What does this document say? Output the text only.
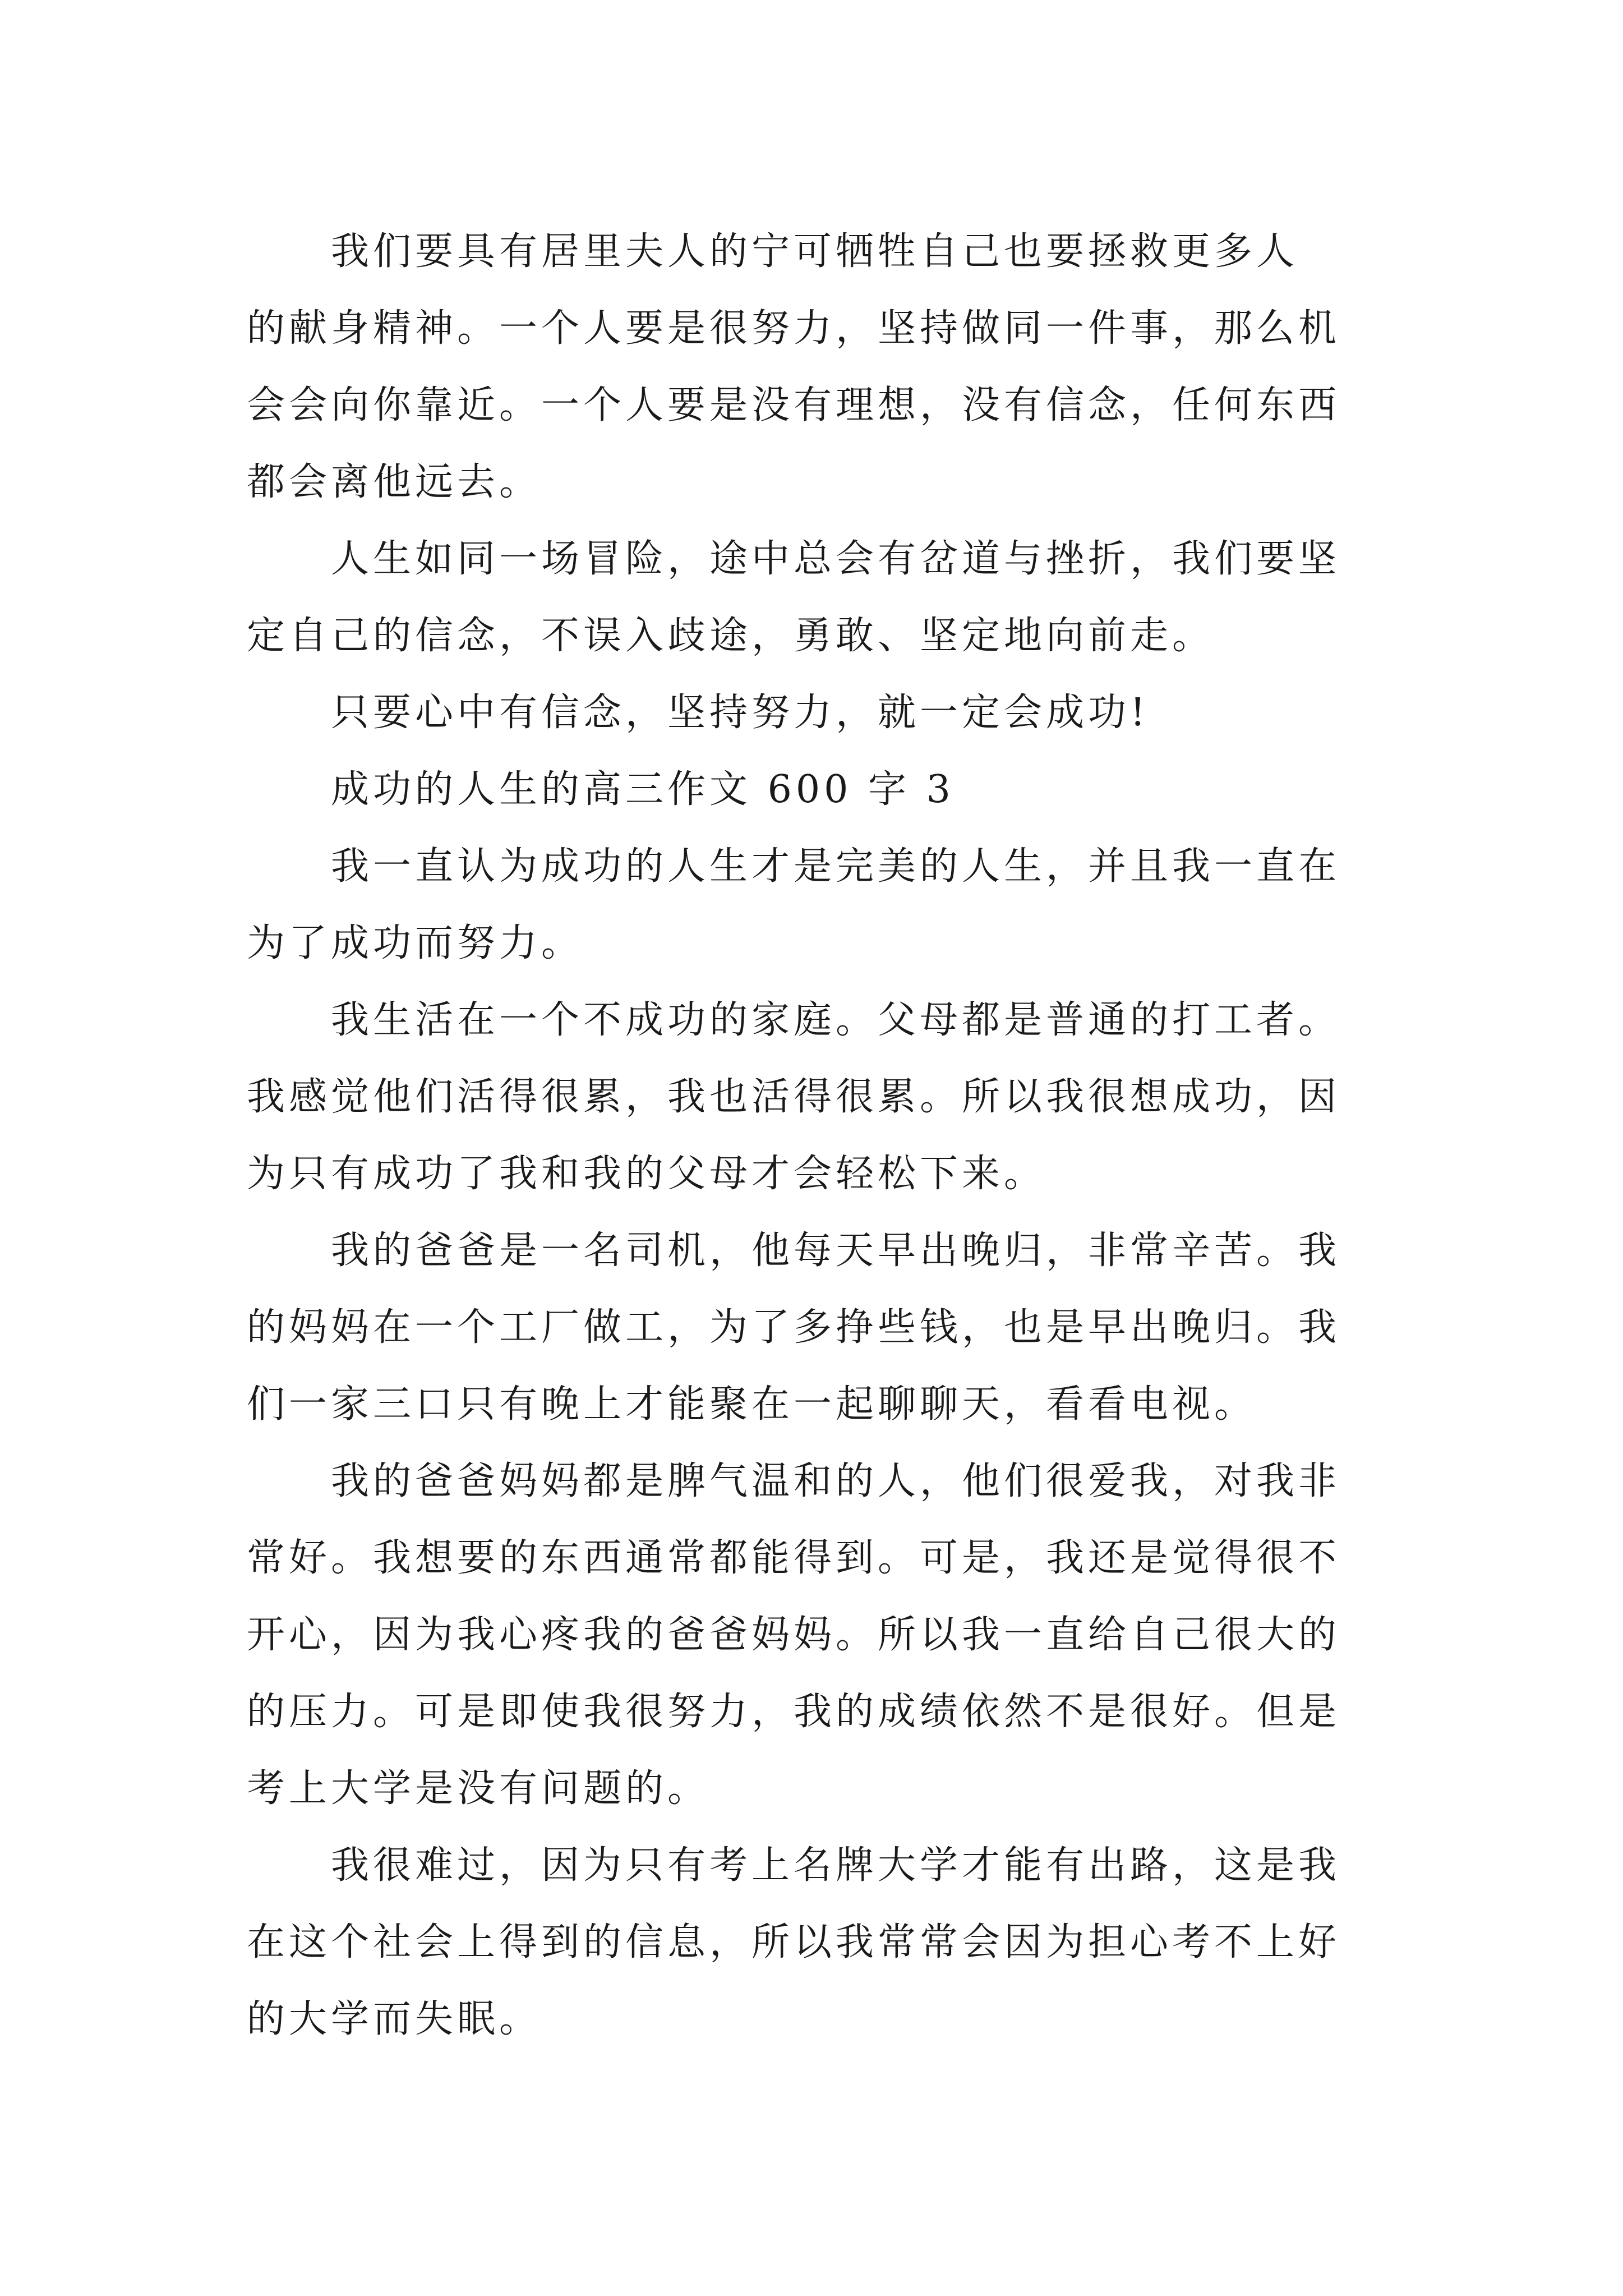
我们要具有居里夫人的宁可牺牲自己也要拯救更多人
的献身精神。一个人要是很努力，坚持做同一件事，那么机
会会向你靠近。一个人要是没有理想，没有信念，任何东西
都会离他远去。

人生如同一场冒险，途中总会有岔道与挫折，我们要坚
定自己的信念，不误入歧途，勇敢、坚定地向前走。

只要心中有信念，坚持努力，就一定会成功!

成功的人生的高三作文 600 字 3

我一直认为成功的人生才是完美的人生，并且我一直在
为了成功而努力。

我生活在一个不成功的家庭。父母都是普通的打工者。
我感觉他们活得很累，我也活得很累。所以我很想成功，因
为只有成功了我和我的父母才会轻松下来。

我的爸爸是一名司机，他每天早出晚归，非常辛苦。我
的妈妈在一个工厂做工，为了多挣些钱，也是早出晚归。我
们一家三口只有晚上才能聚在一起聊聊天，看看电视。

我的爸爸妈妈都是脾气温和的人，他们很爱我，对我非
常好。我想要的东西通常都能得到。可是，我还是觉得很不
开心，因为我心疼我的爸爸妈妈。所以我一直给自己很大的
的压力。可是即使我很努力，我的成绩依然不是很好。但是
考上大学是没有问题的。

我很难过，因为只有考上名牌大学才能有出路，这是我
在这个社会上得到的信息，所以我常常会因为担心考不上好
的大学而失眠。
